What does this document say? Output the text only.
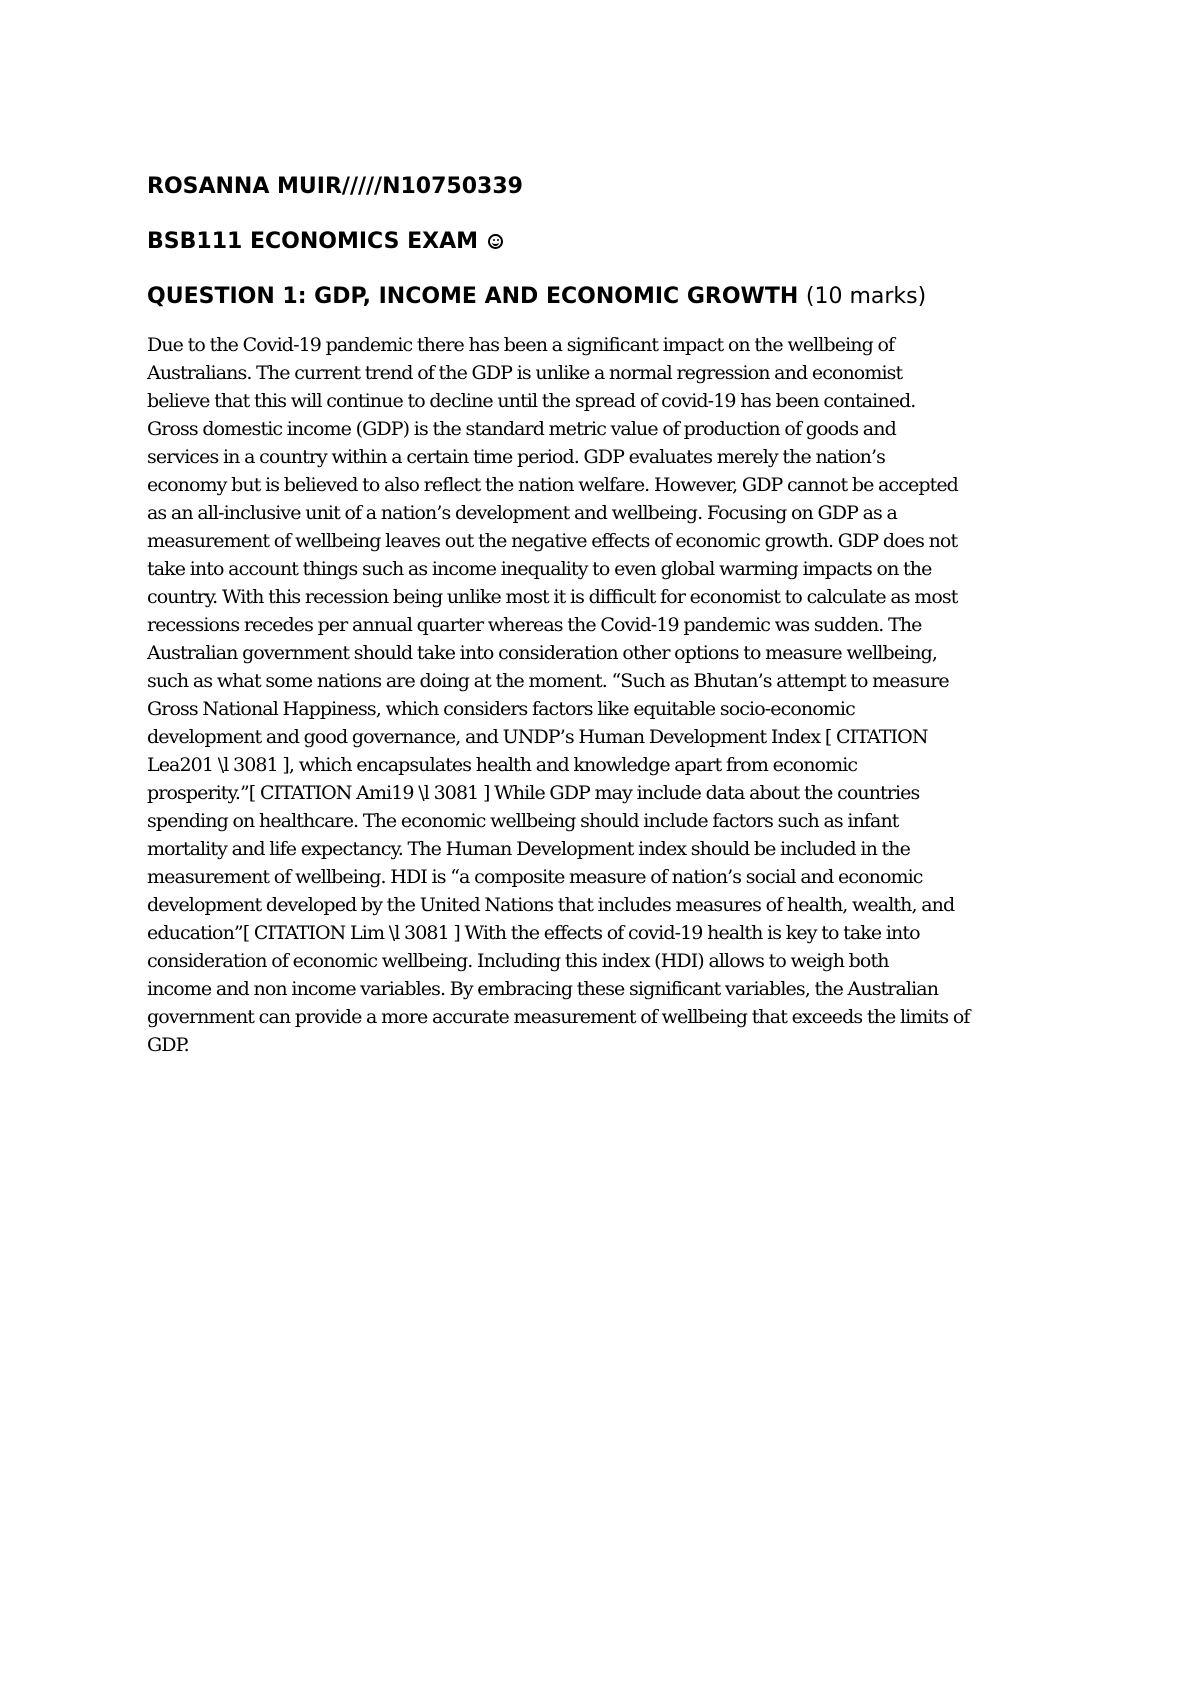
ROSANNA MUIR/////N10750339

BSB111 ECONOMICS EXAM

QUESTION 1: GDP, INCOME AND ECONOMIC GROWTH (10 marks)

Due to the Covid-19 pandemic there has been a significant impact on the wellbeing of
Australians. The current trend of the GDP is unlike a normal regression and economist
believe that this will continue to decline until the spread of covid-19 has been contained.
Gross domestic income (GDP) is the standard metric value of production of goods and
services in a country within a certain time period. GDP evaluates merely the nation’s
economy but is believed to also reflect the nation welfare. However, GDP cannot be accepted
as an all-inclusive unit of a nation’s development and wellbeing. Focusing on GDP as a
measurement of wellbeing leaves out the negative effects of economic growth. GDP does not
take into account things such as income inequality to even global warming impacts on the
country. With this recession being unlike most it is difficult for economist to calculate as most
recessions recedes per annual quarter whereas the Covid-19 pandemic was sudden. The
Australian government should take into consideration other options to measure wellbeing,
such as what some nations are doing at the moment. “Such as Bhutan’s attempt to measure
Gross National Happiness, which considers factors like equitable socio-economic
development and good governance, and UNDP’s Human Development Index [ CITATION
Lea201 \l 3081 ], which encapsulates health and knowledge apart from economic
prosperity.”[ CITATION Ami19 \l 3081 ] While GDP may include data about the countries
spending on healthcare. The economic wellbeing should include factors such as infant
mortality and life expectancy. The Human Development index should be included in the
measurement of wellbeing. HDI is “a composite measure of nation’s social and economic
development developed by the United Nations that includes measures of health, wealth, and
education”[ CITATION Lim \l 3081 ] With the effects of covid-19 health is key to take into
consideration of economic wellbeing. Including this index (HDI) allows to weigh both
income and non income variables. By embracing these significant variables, the Australian
government can provide a more accurate measurement of wellbeing that exceeds the limits of
GDP.
